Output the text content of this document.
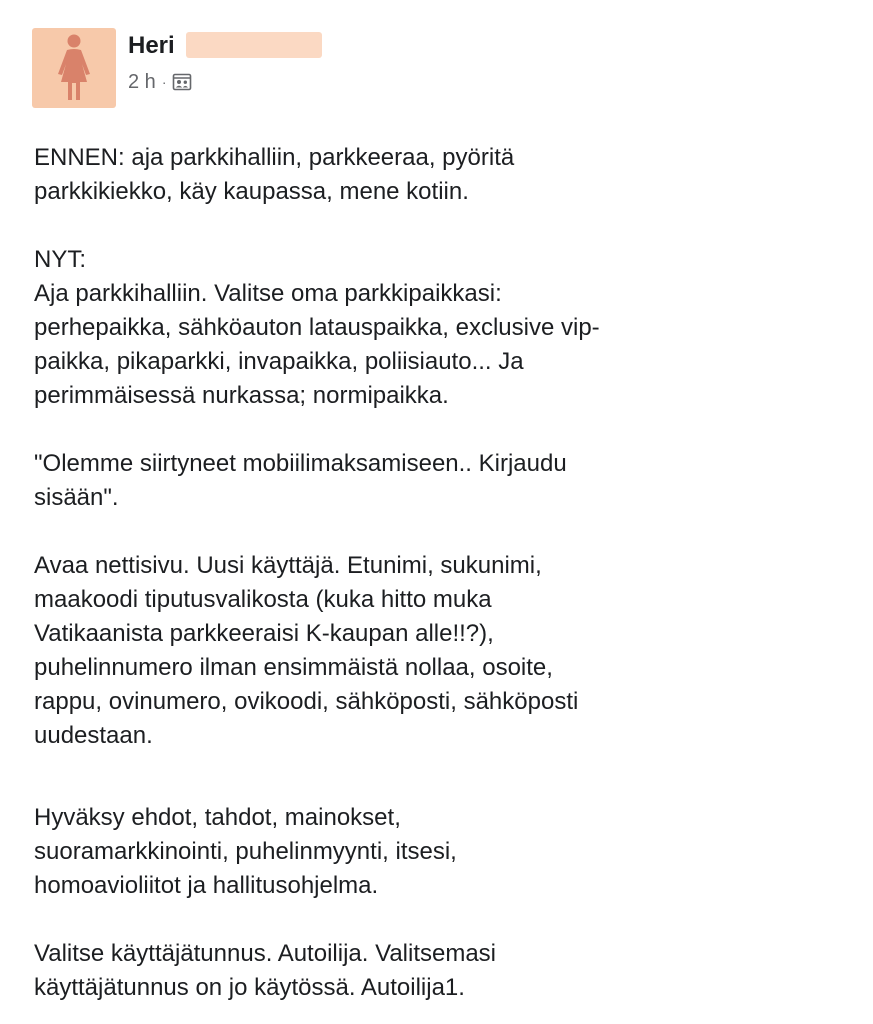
Heri
2 h ·

ENNEN: aja parkkihalliin, parkkeeraa, pyöritä
parkkikiekko, käy kaupassa, mene kotiin.

NYT:
Aja parkkihalliin. Valitse oma parkkipaikkasi:
perhepaikka, sähköauton latauspaikka, exclusive vip-
paikka, pikaparkki, invapaikka, poliisiauto... Ja
perimmäisessä nurkassa; normipaikka.

"Olemme siirtyneet mobiilimaksamiseen.. Kirjaudu
sisään".

Avaa nettisivu. Uusi käyttäjä. Etunimi, sukunimi,
maakoodi tiputusvalikosta (kuka hitto muka
Vatikaanista parkkeeraisi K-kaupan alle!!?),
puhelinnumero ilman ensimmäistä nollaa, osoite,
rappu, ovinumero, ovikoodi, sähköposti, sähköposti
uudestaan.

Hyväksy ehdot, tahdot, mainokset,
suoramarkkinointi, puhelinmyynti, itsesi,
homoavioliitot ja hallitusohjelma.

Valitse käyttäjätunnus. Autoilija. Valitsemasi
käyttäjätunnus on jo käytössä. Autoilija1.
